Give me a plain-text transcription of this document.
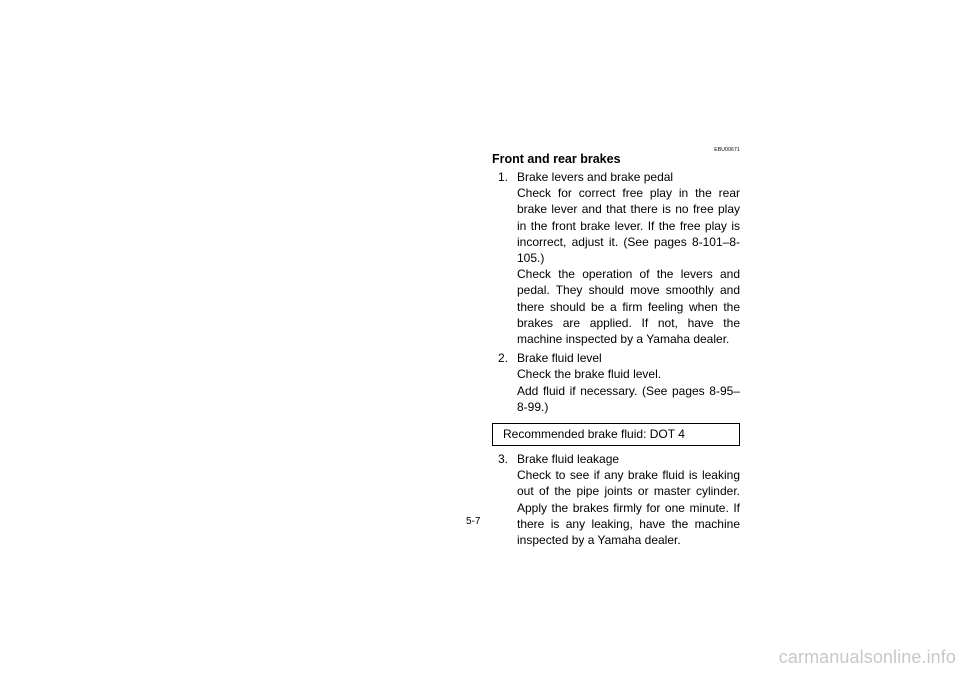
EBU00671
Front and rear brakes
1. Brake levers and brake pedal

Check for correct free play in the rear brake lever and that there is no free play in the front brake lever. If the free play is incorrect, adjust it. (See pages 8-101–8-105.)

Check the operation of the levers and pedal. They should move smoothly and there should be a firm feeling when the brakes are applied. If not, have the machine inspected by a Yamaha dealer.

2. Brake fluid level

Check the brake fluid level.

Add fluid if necessary. (See pages 8-95–8-99.)

Recommended brake fluid: DOT 4
3. Brake fluid leakage

Check to see if any brake fluid is leaking out of the pipe joints or master cylinder. Apply the brakes firmly for one minute. If there is any leaking, have the machine inspected by a Yamaha dealer.

5-7
carmanualsonline.info
